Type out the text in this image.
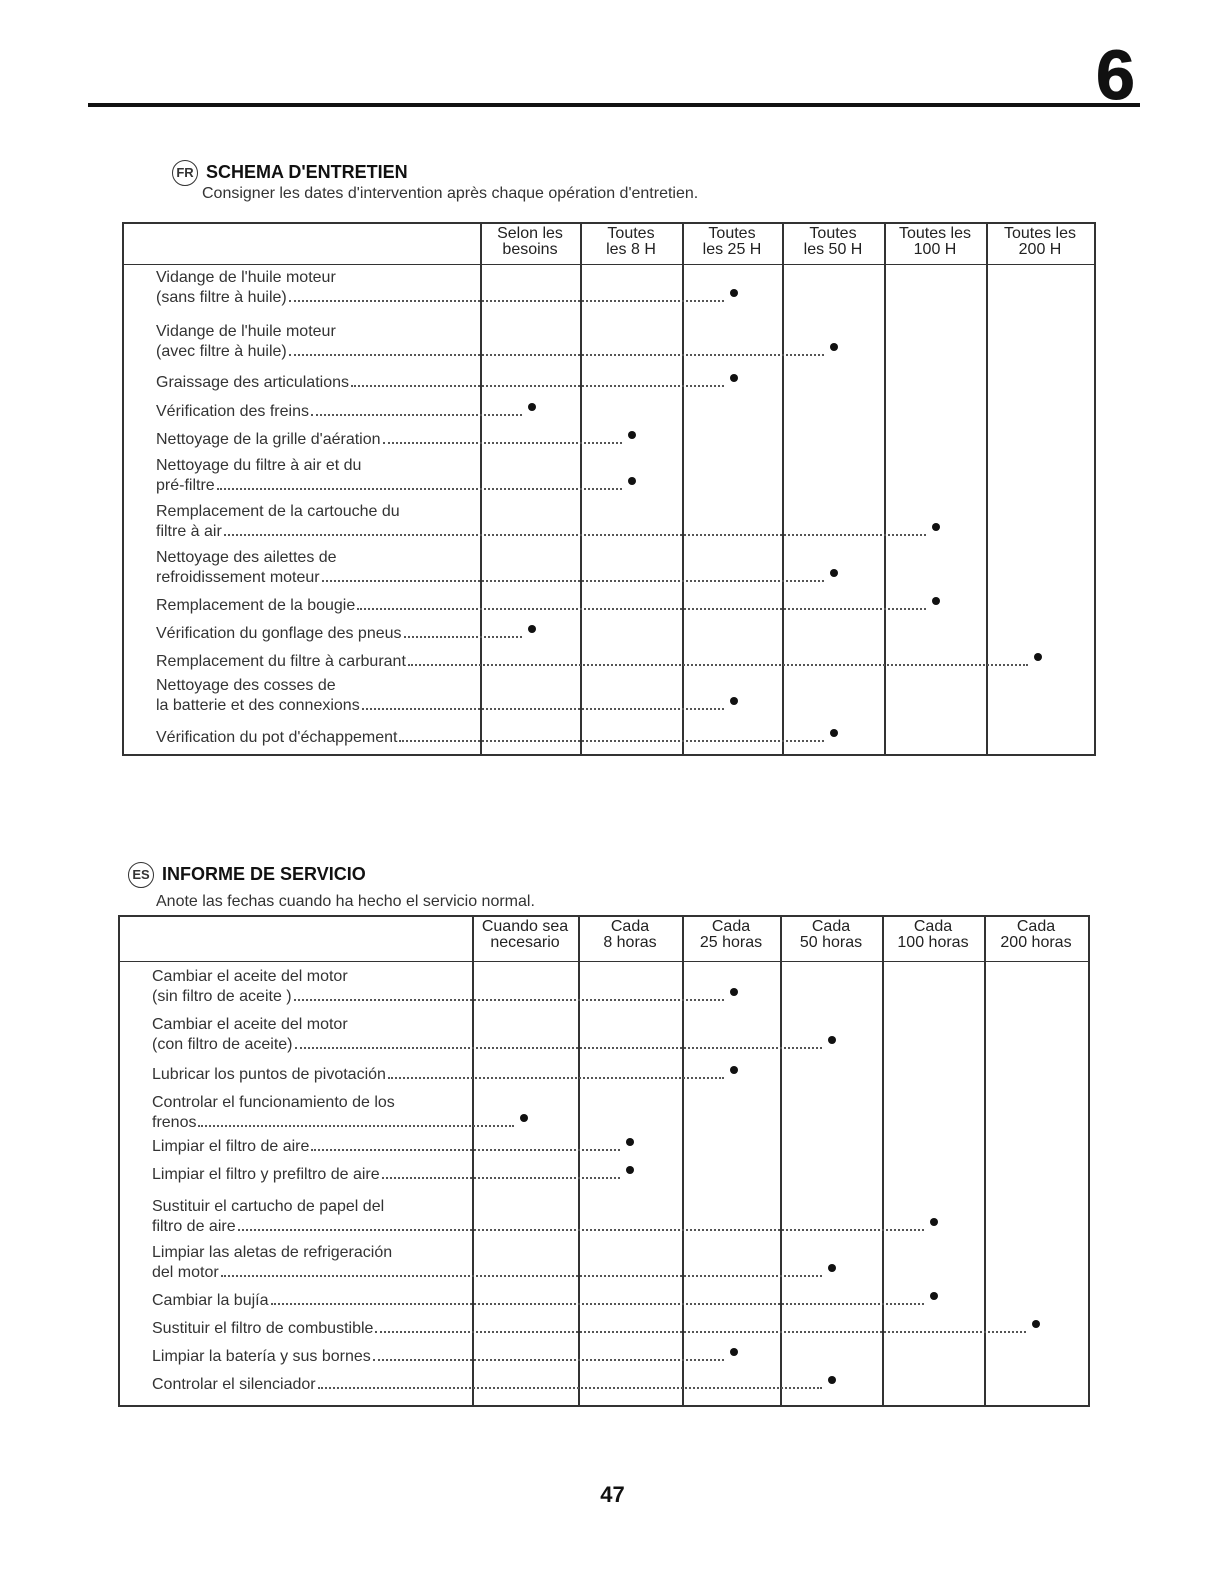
6
FR SCHEMA D'ENTRETIEN
Consigner les dates d'intervention après chaque opération d'entretien.
Selon les
besoins
Toutes
les 8 H
Toutes
les 25 H
Toutes
les 50 H
Toutes les
100 H
Toutes les
200 H
Vidange de l'huile moteur
(sans filtre à huile)
Vidange de l'huile moteur
(avec filtre à huile)
Graissage des articulations
Vérification des freins
Nettoyage de la grille d'aération
Nettoyage du filtre à air et du
pré-filtre
Remplacement de la cartouche du
filtre à air
Nettoyage des ailettes de
refroidissement moteur
Remplacement de la bougie
Vérification du gonflage des pneus
Remplacement du filtre à carburant
Nettoyage des cosses de
la batterie et des connexions
Vérification du pot d'échappement
ES INFORME DE SERVICIO
Anote las fechas cuando ha hecho el servicio normal.
Cuando sea
necesario
Cada
8 horas
Cada
25 horas
Cada
50 horas
Cada
100 horas
Cada
200 horas
Cambiar el aceite del motor
(sin filtro de aceite )
Cambiar el aceite del motor
(con filtro de aceite)
Lubricar los puntos de pivotación
Controlar el funcionamiento de los
frenos
Limpiar el filtro de aire
Limpiar el filtro y prefiltro de aire
Sustituir el cartucho de papel del
filtro de aire
Limpiar las aletas de refrigeración
del motor
Cambiar la bujía
Sustituir el filtro de combustible
Limpiar la batería y sus bornes
Controlar el silenciador
47
